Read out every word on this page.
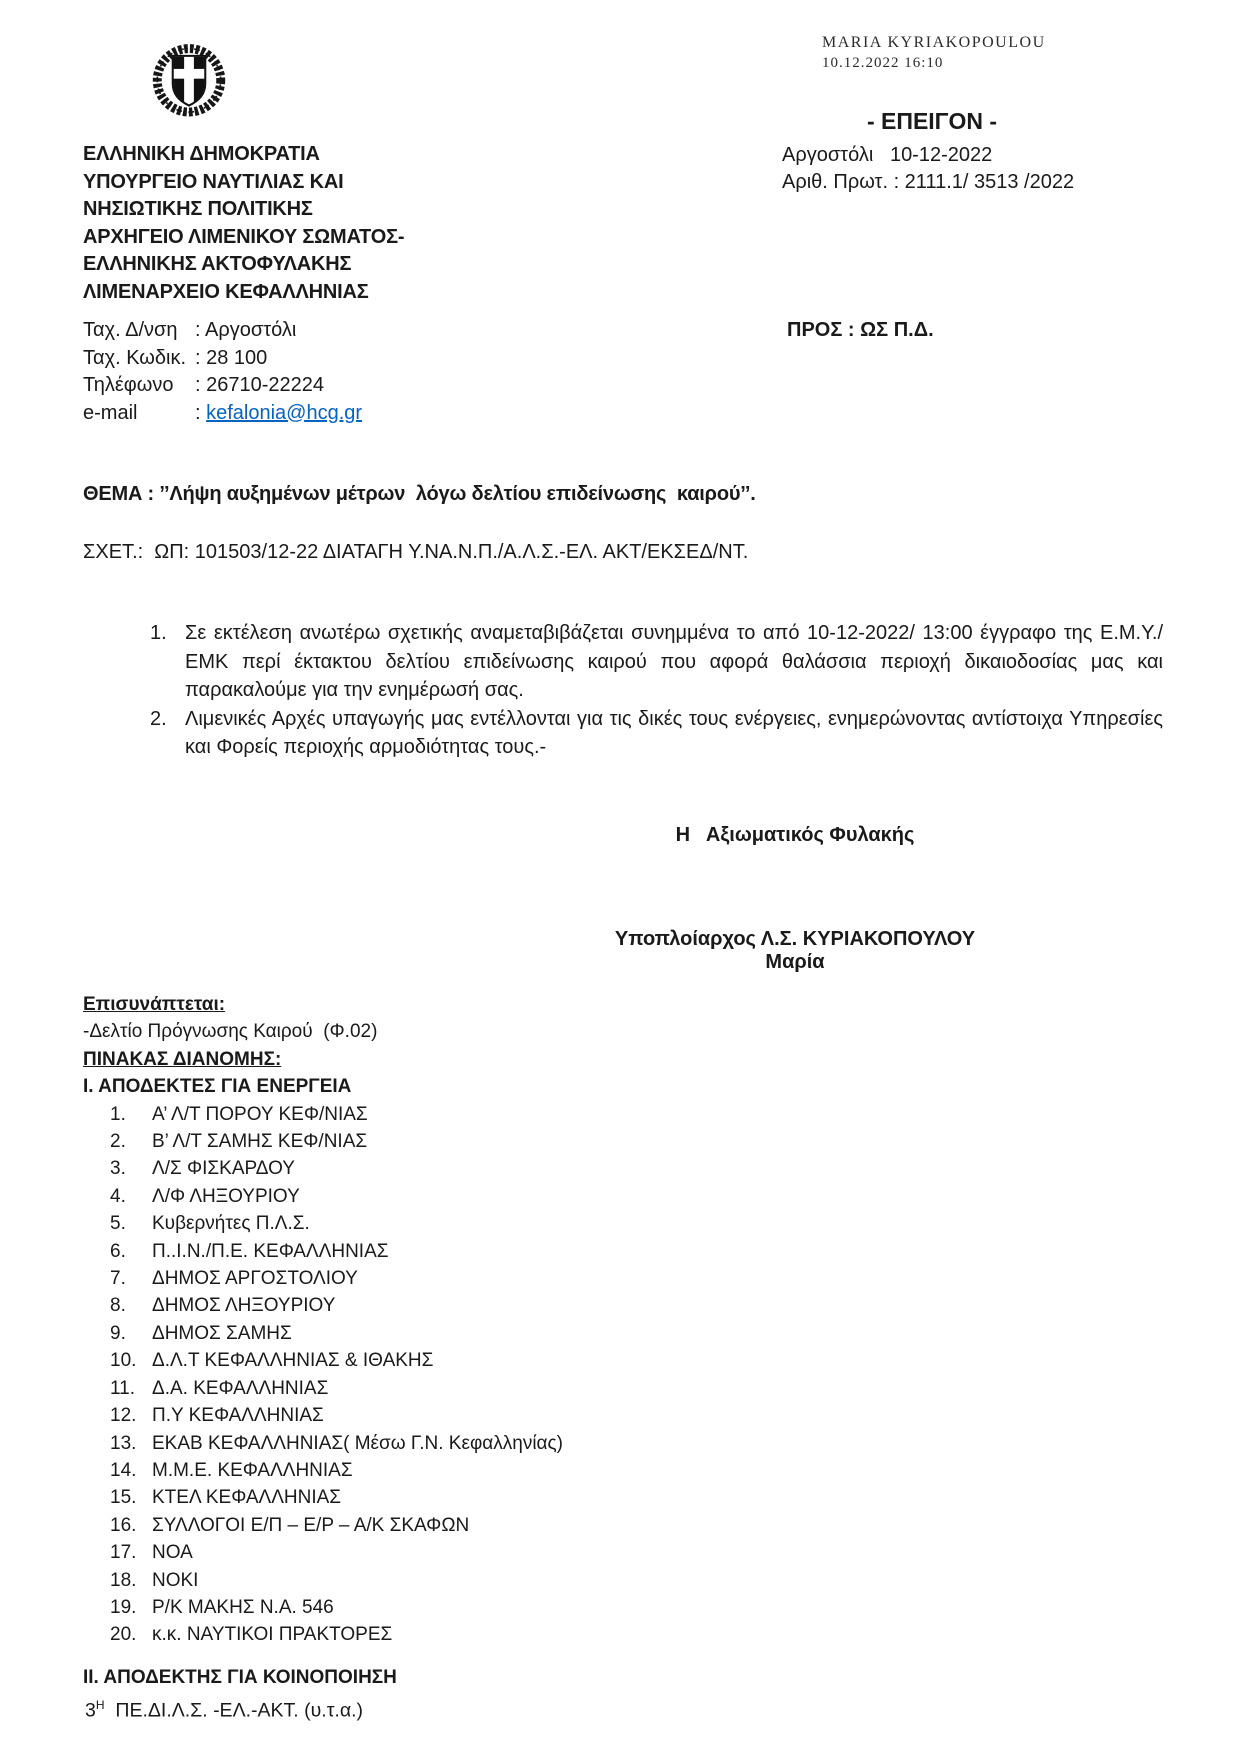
MARIA KYRIAKOPOULOU
10.12.2022 16:10
- ΕΠΕΙΓΟΝ -
Αργοστόλι   10-12-2022
Αριθ. Πρωτ. : 2111.1/ 3513 /2022
ΕΛΛΗΝΙΚΗ ΔΗΜΟΚΡΑΤΙΑ
ΥΠΟΥΡΓΕΙΟ ΝΑΥΤΙΛΙΑΣ ΚΑΙ
ΝΗΣΙΩΤΙΚΗΣ ΠΟΛΙΤΙΚΗΣ
ΑΡΧΗΓΕΙΟ ΛΙΜΕΝΙΚΟΥ ΣΩΜΑΤΟΣ-
ΕΛΛΗΝΙΚΗΣ ΑΚΤΟΦΥΛΑΚΗΣ
ΛΙΜΕΝΑΡΧΕΙΟ ΚΕΦΑΛΛΗΝΙΑΣ
Ταχ. Δ/νση : Αργοστόλι
Ταχ. Κωδικ. : 28 100
Τηλέφωνο	: 26710-22224
e-mail	: kefalonia@hcg.gr
ΠΡΟΣ : ΩΣ Π.Δ.
ΘΕΜΑ : ’’Λήψη αυξημένων μέτρων  λόγω δελτίου επιδείνωσης  καιρού’’.
ΣΧΕΤ.:  ΩΠ: 101503/12-22 ΔΙΑΤΑΓΗ Υ.ΝΑ.Ν.Π./Α.Λ.Σ.-ΕΛ. ΑΚΤ/ΕΚΣΕΔ/ΝΤ.
1. Σε εκτέλεση ανωτέρω σχετικής αναμεταβιβάζεται συνημμένα το από 10-12-2022/ 13:00 έγγραφο της Ε.Μ.Υ./ΕΜΚ περί έκτακτου δελτίου επιδείνωσης καιρού που αφορά θαλάσσια περιοχή δικαιοδοσίας μας και παρακαλούμε για την ενημέρωσή σας.
2. Λιμενικές Αρχές υπαγωγής μας εντέλλονται για τις δικές τους ενέργειες, ενημερώνοντας αντίστοιχα Υπηρεσίες και Φορείς περιοχής αρμοδιότητας τους.-
Η   Αξιωματικός Φυλακής
Υποπλοίαρχος Λ.Σ. ΚΥΡΙΑΚΟΠΟΥΛΟΥ Μαρία
Επισυνάπτεται:
-Δελτίο Πρόγνωσης Καιρού  (Φ.02)
ΠΙΝΑΚΑΣ ΔΙΑΝΟΜΗΣ:
Ι. ΑΠΟΔΕΚΤΕΣ ΓΙΑ ΕΝΕΡΓΕΙΑ
1. Α’ Λ/Τ ΠΟΡΟΥ ΚΕΦ/ΝΙΑΣ
2. Β’ Λ/Τ ΣΑΜΗΣ ΚΕΦ/ΝΙΑΣ
3. Λ/Σ ΦΙΣΚΑΡΔΟΥ
4. Λ/Φ ΛΗΞΟΥΡΙΟΥ
5. Κυβερνήτες Π.Λ.Σ.
6. Π..Ι.Ν./Π.Ε. ΚΕΦΑΛΛΗΝΙΑΣ
7. ΔΗΜΟΣ ΑΡΓΟΣΤΟΛΙΟΥ
8. ΔΗΜΟΣ ΛΗΞΟΥΡΙΟΥ
9. ΔΗΜΟΣ ΣΑΜΗΣ
10. Δ.Λ.Τ ΚΕΦΑΛΛΗΝΙΑΣ & ΙΘΑΚΗΣ
11. Δ.Α. ΚΕΦΑΛΛΗΝΙΑΣ
12. Π.Υ ΚΕΦΑΛΛΗΝΙΑΣ
13. ΕΚΑΒ ΚΕΦΑΛΛΗΝΙΑΣ( Μέσω Γ.Ν. Κεφαλληνίας)
14. Μ.Μ.Ε. ΚΕΦΑΛΛΗΝΙΑΣ
15. ΚΤΕΛ ΚΕΦΑΛΛΗΝΙΑΣ
16. ΣΥΛΛΟΓΟΙ Ε/Π – Ε/Ρ – Α/Κ ΣΚΑΦΩΝ
17. ΝΟΑ
18. ΝΟΚΙ
19. Ρ/Κ ΜΑΚΗΣ Ν.Α. 546
20. κ.κ. ΝΑΥΤΙΚΟΙ ΠΡΑΚΤΟΡΕΣ
ΙΙ. ΑΠΟΔΕΚΤΗΣ ΓΙΑ ΚΟΙΝΟΠΟΙΗΣΗ
$3^H$  ΠΕ.ΔΙ.Λ.Σ. -ΕΛ.-ΑΚΤ. (υ.τ.α.)
